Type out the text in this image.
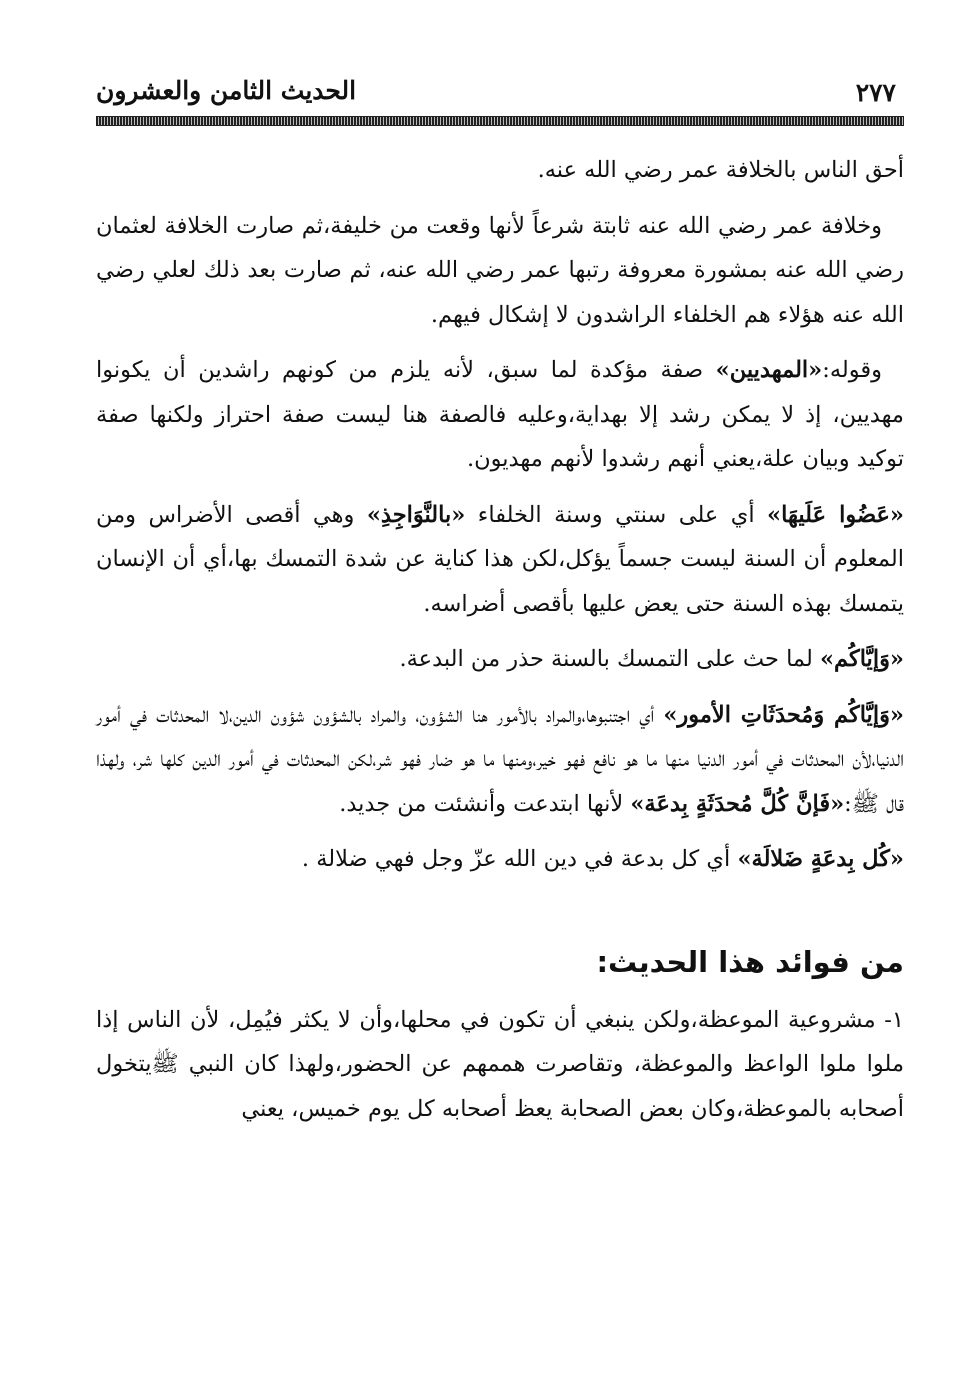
٢٧٧
الحديث الثامن والعشرون

أحق الناس بالخلافة عمر رضي الله عنه.

وخلافة عمر رضي الله عنه ثابتة شرعاً لأنها وقعت من خليفة،ثم صارت الخلافة لعثمان رضي الله عنه بمشورة معروفة رتبها عمر رضي الله عنه، ثم صارت بعد ذلك لعلي رضي الله عنه هؤلاء هم الخلفاء الراشدون لا إشكال فيهم.

وقوله:«المهديين» صفة مؤكدة لما سبق، لأنه يلزم من كونهم راشدين أن يكونوا مهديين، إذ لا يمكن رشد إلا بهداية،وعليه فالصفة هنا ليست صفة احتراز ولكنها صفة توكيد وبيان علة،يعني أنهم رشدوا لأنهم مهديون.

«عَضُوا عَلَيهَا» أي على سنتي وسنة الخلفاء «بالنَّوَاجِذِ» وهي أقصى الأضراس ومن المعلوم أن السنة ليست جسماً يؤكل،لكن هذا كناية عن شدة التمسك بها،أي أن الإنسان يتمسك بهذه السنة حتى يعض عليها بأقصى أضراسه.

«وَإيَّاكُم» لما حث على التمسك بالسنة حذر من البدعة.

«وَإيَّاكُم وَمُحدَثَاتِ الأمور» أي اجتنبوها،والمراد بالأمور هنا الشؤون، والمراد بالشؤون شؤون الدين،لا المحدثات في أمور الدنيا،لأن المحدثات في أمور الدنيا منها ما هو نافع فهو خير،ومنها ما هو ضار فهو شر،لكن المحدثات في أمور الدين كلها شر، ولهذا قال ﷺ:«فَإنَّ كُلَّ مُحدَثَةٍ بِدعَة» لأنها ابتدعت وأنشئت من جديد.

«كُل بِدعَةٍ ضَلالَة» أي كل بدعة في دين الله عزّ وجل فهي ضلالة .

من فوائد هذا الحديث:

١- مشروعية الموعظة،ولكن ينبغي أن تكون في محلها،وأن لا يكثر فيُمِل، لأن الناس إذا ملوا ملوا الواعظ والموعظة، وتقاصرت هممهم عن الحضور،ولهذا كان النبي ﷺيتخول أصحابه بالموعظة،وكان بعض الصحابة يعظ أصحابه كل يوم خميس، يعني
